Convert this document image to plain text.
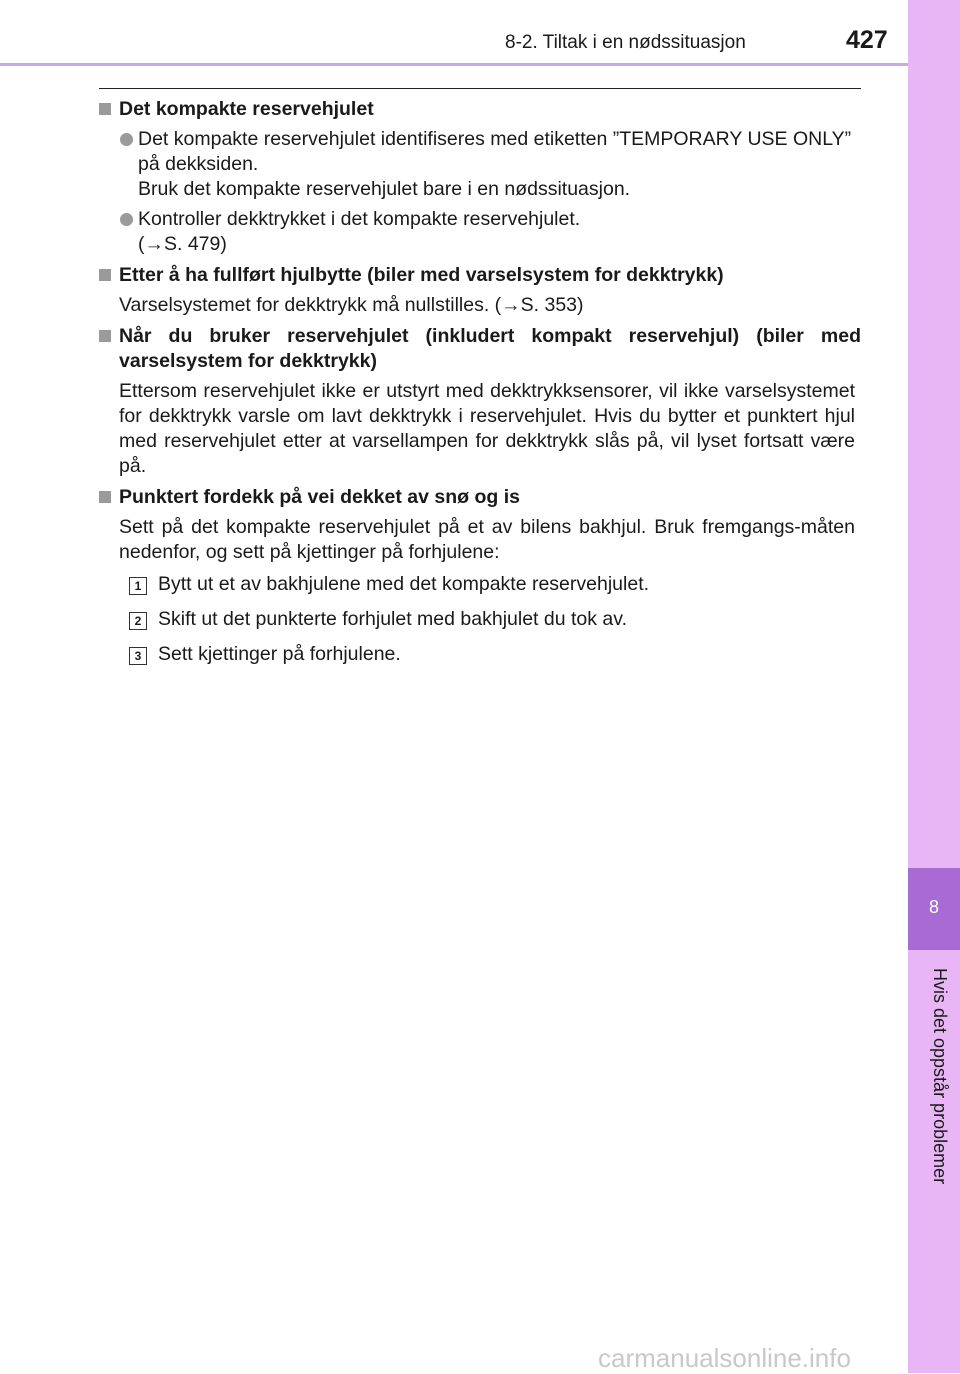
8
Hvis det oppstår problemer
8-2. Tiltak i en nødssituasjon	427
Det kompakte reservehjulet
Det kompakte reservehjulet identifiseres med etiketten ”TEMPORARY USE ONLY” på dekksiden.
Bruk det kompakte reservehjulet bare i en nødssituasjon.
Kontroller dekktrykket i det kompakte reservehjulet.
(→S. 479)
Etter å ha fullført hjulbytte (biler med varselsystem for dekktrykk)
Varselsystemet for dekktrykk må nullstilles. (→S. 353)
Når du bruker reservehjulet (inkludert kompakt reservehjul) (biler med varselsystem for dekktrykk)
Ettersom reservehjulet ikke er utstyrt med dekktrykksensorer, vil ikke varselsystemet for dekktrykk varsle om lavt dekktrykk i reservehjulet. Hvis du bytter et punktert hjul med reservehjulet etter at varsellampen for dekktrykk slås på, vil lyset fortsatt være på.
Punktert fordekk på vei dekket av snø og is
Sett på det kompakte reservehjulet på et av bilens bakhjul. Bruk fremgangs-måten nedenfor, og sett på kjettinger på forhjulene:
1 Bytt ut et av bakhjulene med det kompakte reservehjulet.
2 Skift ut det punkterte forhjulet med bakhjulet du tok av.
3 Sett kjettinger på forhjulene.
carmanualsonline.info
